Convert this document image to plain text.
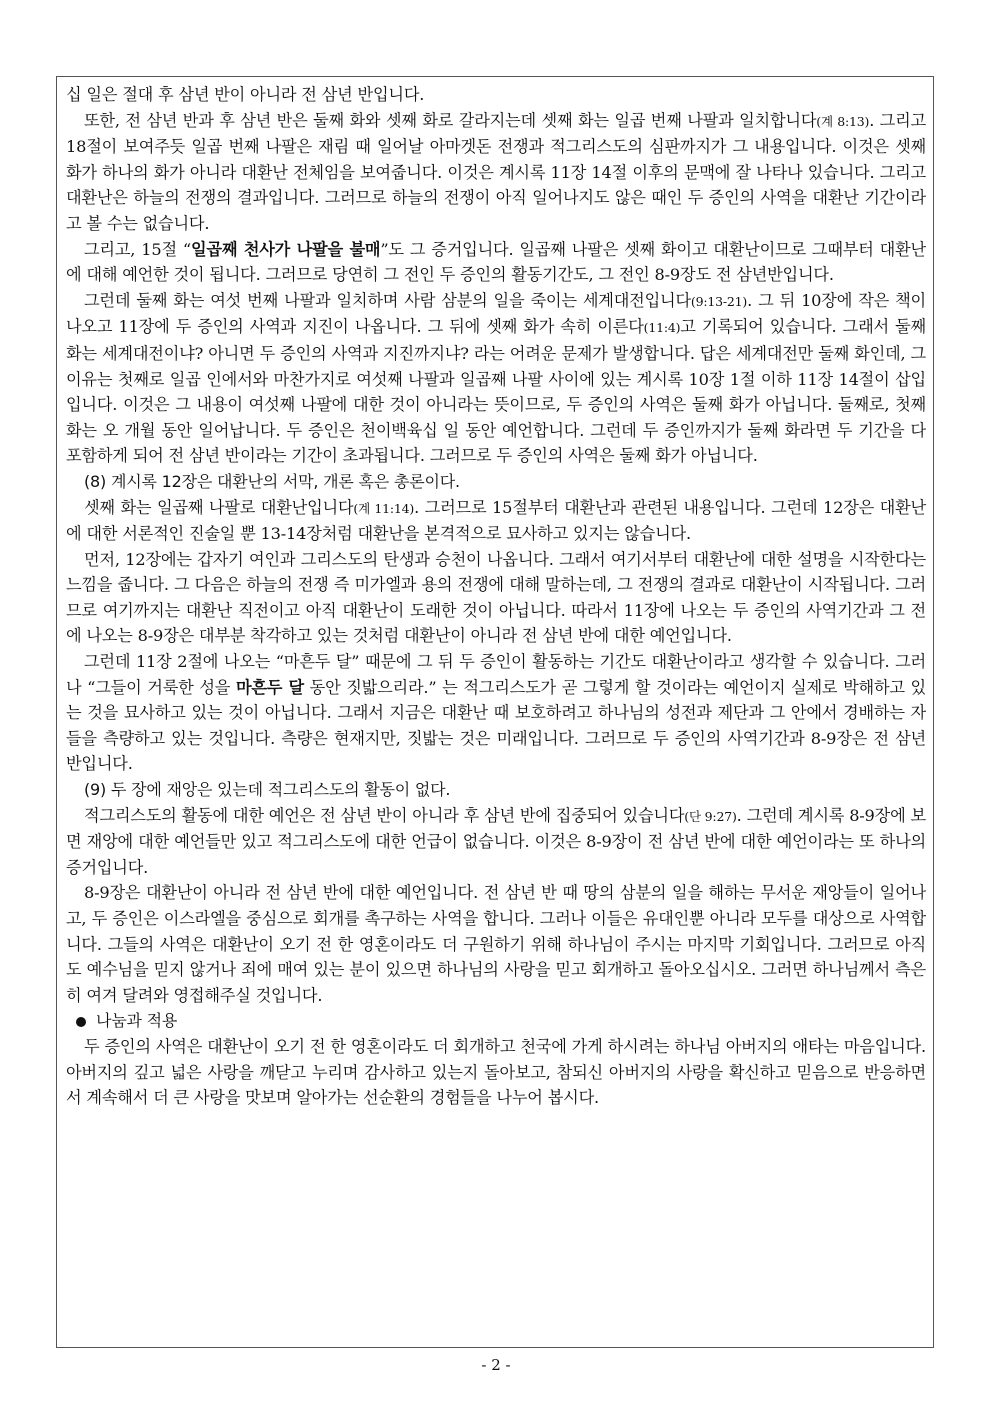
십 일은 절대 후 삼년 반이 아니라 전 삼년 반입니다.

또한, 전 삼년 반과 후 삼년 반은 둘째 화와 셋째 화로 갈라지는데 셋째 화는 일곱 번째 나팔과 일치합니다(계 8:13). 그리고 18절이 보여주듯 일곱 번째 나팔은 재림 때 일어날 아마겟돈 전쟁과 적그리스도의 심판까지가 그 내용입니다. 이것은 셋째 화가 하나의 화가 아니라 대환난 전체임을 보여줍니다. 이것은 계시록 11장 14절 이후의 문맥에 잘 나타나 있습니다. 그리고 대환난은 하늘의 전쟁의 결과입니다. 그러므로 하늘의 전쟁이 아직 일어나지도 않은 때인 두 증인의 사역을 대환난 기간이라고 볼 수는 없습니다.

그리고, 15절 “일곱째 천사가 나팔을 불매”도 그 증거입니다. 일곱째 나팔은 셋째 화이고 대환난이므로 그때부터 대환난에 대해 예언한 것이 됩니다. 그러므로 당연히 그 전인 두 증인의 활동기간도, 그 전인 8-9장도 전 삼년반입니다.

그런데 둘째 화는 여섯 번째 나팔과 일치하며 사람 삼분의 일을 죽이는 세계대전입니다(9:13-21). 그 뒤 10장에 작은 책이 나오고 11장에 두 증인의 사역과 지진이 나옵니다. 그 뒤에 셋째 화가 속히 이른다(11:4)고 기록되어 있습니다. 그래서 둘째 화는 세계대전이냐? 아니면 두 증인의 사역과 지진까지냐? 라는 어려운 문제가 발생합니다. 답은 세계대전만 둘째 화인데, 그 이유는 첫째로 일곱 인에서와 마찬가지로 여섯째 나팔과 일곱째 나팔 사이에 있는 계시록 10장 1절 이하 11장 14절이 삽입입니다. 이것은 그 내용이 여섯째 나팔에 대한 것이 아니라는 뜻이므로, 두 증인의 사역은 둘째 화가 아닙니다. 둘째로, 첫째 화는 오 개월 동안 일어납니다. 두 증인은 천이백육십 일 동안 예언합니다. 그런데 두 증인까지가 둘째 화라면 두 기간을 다 포함하게 되어 전 삼년 반이라는 기간이 초과됩니다. 그러므로 두 증인의 사역은 둘째 화가 아닙니다.

(8) 계시록 12장은 대환난의 서막, 개론 혹은 총론이다.

셋째 화는 일곱째 나팔로 대환난입니다(계 11:14). 그러므로 15절부터 대환난과 관련된 내용입니다. 그런데 12장은 대환난에 대한 서론적인 진술일 뿐 13-14장처럼 대환난을 본격적으로 묘사하고 있지는 않습니다.

먼저, 12장에는 갑자기 여인과 그리스도의 탄생과 승천이 나옵니다. 그래서 여기서부터 대환난에 대한 설명을 시작한다는 느낌을 줍니다. 그 다음은 하늘의 전쟁 즉 미가엘과 용의 전쟁에 대해 말하는데, 그 전쟁의 결과로 대환난이 시작됩니다. 그러므로 여기까지는 대환난 직전이고 아직 대환난이 도래한 것이 아닙니다. 따라서 11장에 나오는 두 증인의 사역기간과 그 전에 나오는 8-9장은 대부분 착각하고 있는 것처럼 대환난이 아니라 전 삼년 반에 대한 예언입니다.

그런데 11장 2절에 나오는 “마흔두 달” 때문에 그 뒤 두 증인이 활동하는 기간도 대환난이라고 생각할 수 있습니다. 그러나 “그들이 거룩한 성을 마흔두 달 동안 짓밟으리라.” 는 적그리스도가 곧 그렇게 할 것이라는 예언이지 실제로 박해하고 있는 것을 묘사하고 있는 것이 아닙니다. 그래서 지금은 대환난 때 보호하려고 하나님의 성전과 제단과 그 안에서 경배하는 자들을 측량하고 있는 것입니다. 측량은 현재지만, 짓밟는 것은 미래입니다. 그러므로 두 증인의 사역기간과 8-9장은 전 삼년 반입니다.

(9) 두 장에 재앙은 있는데 적그리스도의 활동이 없다.

적그리스도의 활동에 대한 예언은 전 삼년 반이 아니라 후 삼년 반에 집중되어 있습니다(단 9:27). 그런데 계시록 8-9장에 보면 재앙에 대한 예언들만 있고 적그리스도에 대한 언급이 없습니다. 이것은 8-9장이 전 삼년 반에 대한 예언이라는 또 하나의 증거입니다.

8-9장은 대환난이 아니라 전 삼년 반에 대한 예언입니다. 전 삼년 반 때 땅의 삼분의 일을 해하는 무서운 재앙들이 일어나고, 두 증인은 이스라엘을 중심으로 회개를 촉구하는 사역을 합니다. 그러나 이들은 유대인뿐 아니라 모두를 대상으로 사역합니다. 그들의 사역은 대환난이 오기 전 한 영혼이라도 더 구원하기 위해 하나님이 주시는 마지막 기회입니다. 그러므로 아직도 예수님을 믿지 않거나 죄에 매여 있는 분이 있으면 하나님의 사랑을 믿고 회개하고 돌아오십시오. 그러면 하나님께서 측은히 여겨 달려와 영접해주실 것입니다.

나눔과 적용

두 증인의 사역은 대환난이 오기 전 한 영혼이라도 더 회개하고 천국에 가게 하시려는 하나님 아버지의 애타는 마음입니다. 아버지의 깊고 넓은 사랑을 깨닫고 누리며 감사하고 있는지 돌아보고, 참되신 아버지의 사랑을 확신하고 믿음으로 반응하면서 계속해서 더 큰 사랑을 맛보며 알아가는 선순환의 경험들을 나누어 봅시다.

- 2 -
